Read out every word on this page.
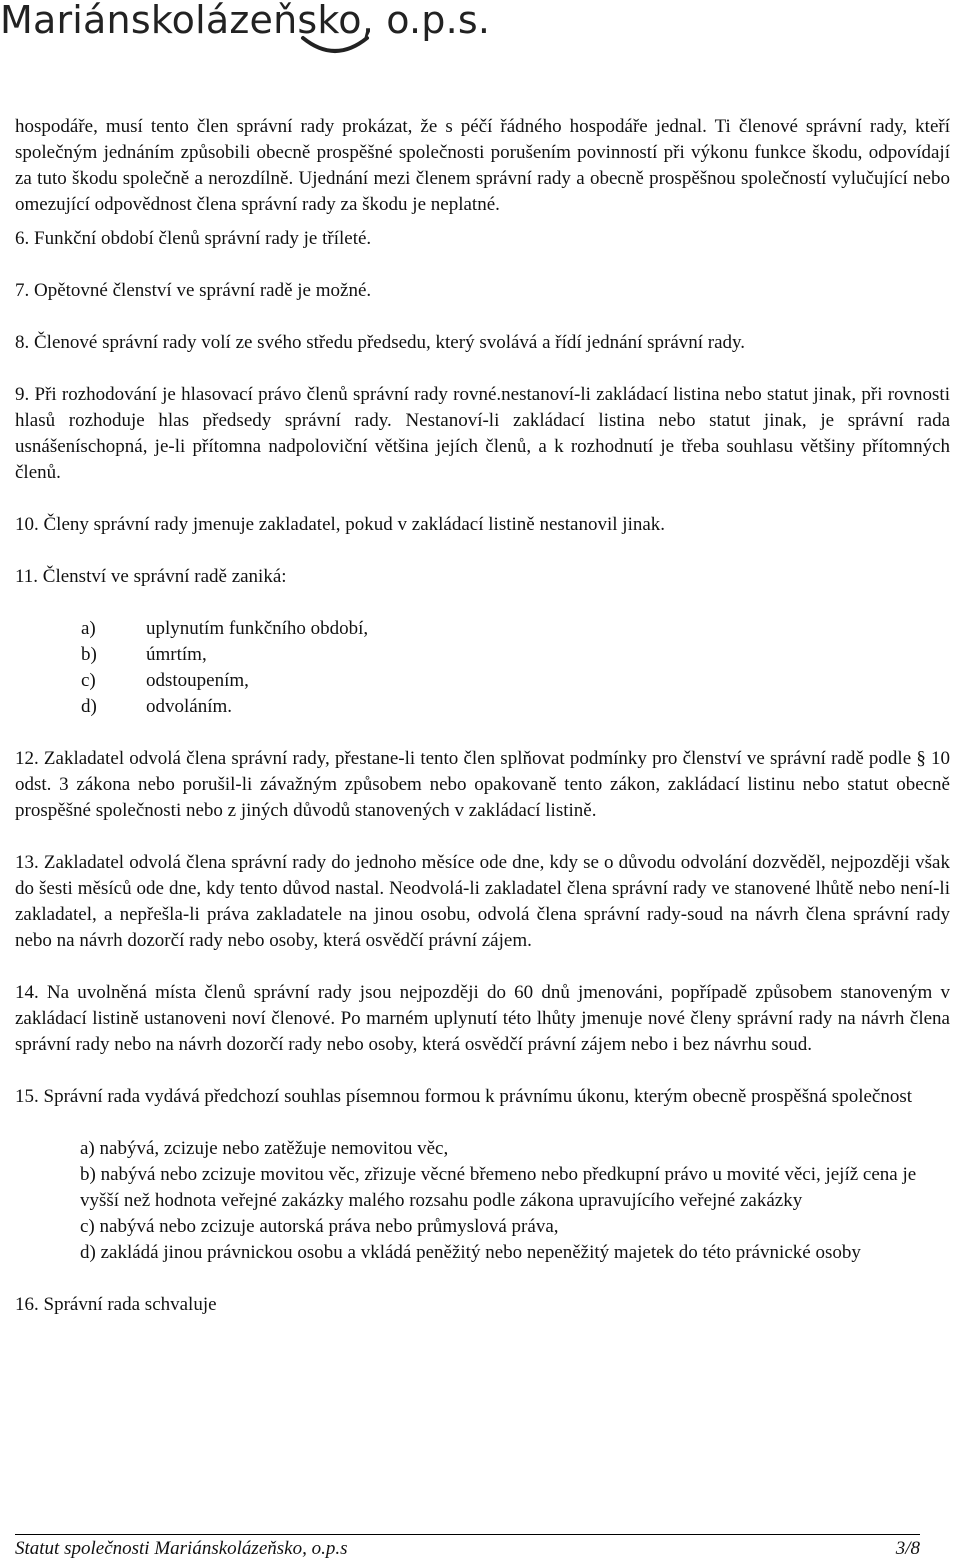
Mariánskolázeňsko, o.p.s.

hospodáře, musí tento člen správní rady prokázat, že s péčí řádného hospodáře jednal. Ti členové správní rady, kteří společným jednáním způsobili obecně prospěšné společnosti porušením povinností při výkonu funkce škodu, odpovídají za tuto škodu společně a nerozdílně. Ujednání mezi členem správní rady a obecně prospěšnou společností vylučující nebo omezující odpovědnost člena správní rady za škodu je neplatné.

6. Funkční období členů správní rady je tříleté.

7. Opětovné členství ve správní radě je možné.

8. Členové správní rady volí ze svého středu předsedu, který svolává a řídí jednání správní rady.

9. Při rozhodování je hlasovací právo členů správní rady rovné.nestanoví-li zakládací listina nebo statut jinak, při rovnosti hlasů rozhoduje hlas předsedy správní rady. Nestanoví-li zakládací listina nebo statut jinak, je správní rada usnášeníschopná, je-li přítomna nadpoloviční většina jejích členů, a k rozhodnutí je třeba souhlasu většiny přítomných členů.

10. Členy správní rady jmenuje zakladatel, pokud v zakládací listině nestanovil jinak.

11. Členství ve správní radě zaniká:

a)	uplynutím funkčního období,
b)	úmrtím,
c)	odstoupením,
d)	odvoláním.

12. Zakladatel odvolá člena správní rady, přestane-li tento člen splňovat podmínky pro členství ve správní radě podle § 10 odst. 3 zákona nebo porušil-li závažným způsobem nebo opakovaně tento zákon, zakládací listinu nebo statut obecně prospěšné společnosti nebo z jiných důvodů stanovených v zakládací listině.

13. Zakladatel odvolá člena správní rady do jednoho měsíce ode dne, kdy se o důvodu odvolání dozvěděl, nejpozději však do šesti měsíců ode dne, kdy tento důvod nastal. Neodvolá-li zakladatel člena správní rady ve stanovené lhůtě nebo není-li zakladatel, a nepřešla-li práva zakladatele na jinou osobu, odvolá člena správní rady-soud na návrh člena správní rady nebo na návrh dozorčí rady nebo osoby, která osvědčí právní zájem.

14. Na uvolněná místa členů správní rady jsou nejpozději do 60 dnů jmenováni, popřípadě způsobem stanoveným v zakládací listině ustanoveni noví členové. Po marném uplynutí této lhůty jmenuje nové členy správní rady na návrh člena správní rady nebo na návrh dozorčí rady nebo osoby, která osvědčí právní zájem nebo i bez návrhu soud.

15. Správní rada vydává předchozí souhlas písemnou formou k právnímu úkonu, kterým obecně prospěšná společnost

a) nabývá, zcizuje nebo zatěžuje nemovitou věc,

b) nabývá nebo zcizuje movitou věc, zřizuje věcné břemeno nebo předkupní právo u movité věci, jejíž cena je vyšší než hodnota veřejné zakázky malého rozsahu podle zákona upravujícího veřejné zakázky

c) nabývá nebo zcizuje autorská práva nebo průmyslová práva,

d) zakládá jinou právnickou osobu a vkládá peněžitý nebo nepeněžitý majetek do této právnické osoby

16. Správní rada schvaluje

Statut společnosti Mariánskolázeňsko, o.p.s	3/8
